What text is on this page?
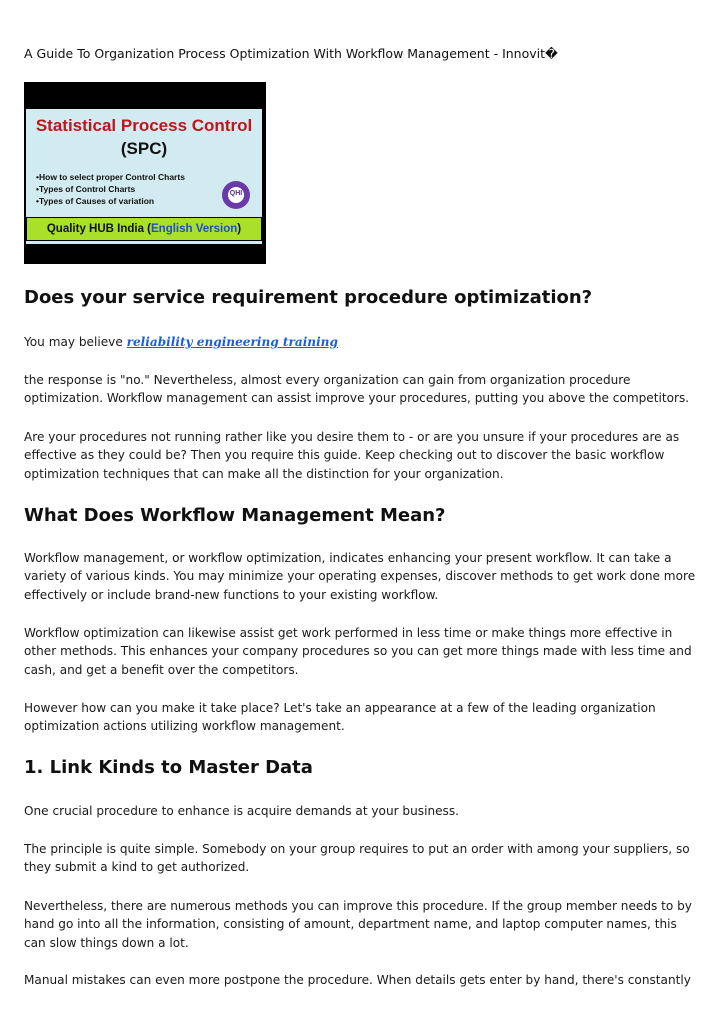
A Guide To Organization Process Optimization With Workflow Management - Innovit�
Statistical Process Control
(SPC)
• How to select proper Control Charts
• Types of Control Charts
• Types of Causes of variation
QHI
Quality HUB India (English Version)
Does your service requirement procedure optimization?

You may believe reliability engineering training

the response is "no." Nevertheless, almost every organization can gain from organization procedure optimization. Workflow management can assist improve your procedures, putting you above the competitors.

Are your procedures not running rather like you desire them to - or are you unsure if your procedures are as effective as they could be? Then you require this guide. Keep checking out to discover the basic workflow optimization techniques that can make all the distinction for your organization.

What Does Workflow Management Mean?

Workflow management, or workflow optimization, indicates enhancing your present workflow. It can take a variety of various kinds. You may minimize your operating expenses, discover methods to get work done more effectively or include brand-new functions to your existing workflow.

Workflow optimization can likewise assist get work performed in less time or make things more effective in other methods. This enhances your company procedures so you can get more things made with less time and cash, and get a benefit over the competitors.

However how can you make it take place? Let's take an appearance at a few of the leading organization optimization actions utilizing workflow management.

1. Link Kinds to Master Data

One crucial procedure to enhance is acquire demands at your business.

The principle is quite simple. Somebody on your group requires to put an order with among your suppliers, so they submit a kind to get authorized.

Nevertheless, there are numerous methods you can improve this procedure. If the group member needs to by hand go into all the information, consisting of amount, department name, and laptop computer names, this can slow things down a lot.

Manual mistakes can even more postpone the procedure. When details gets enter by hand, there's constantly
